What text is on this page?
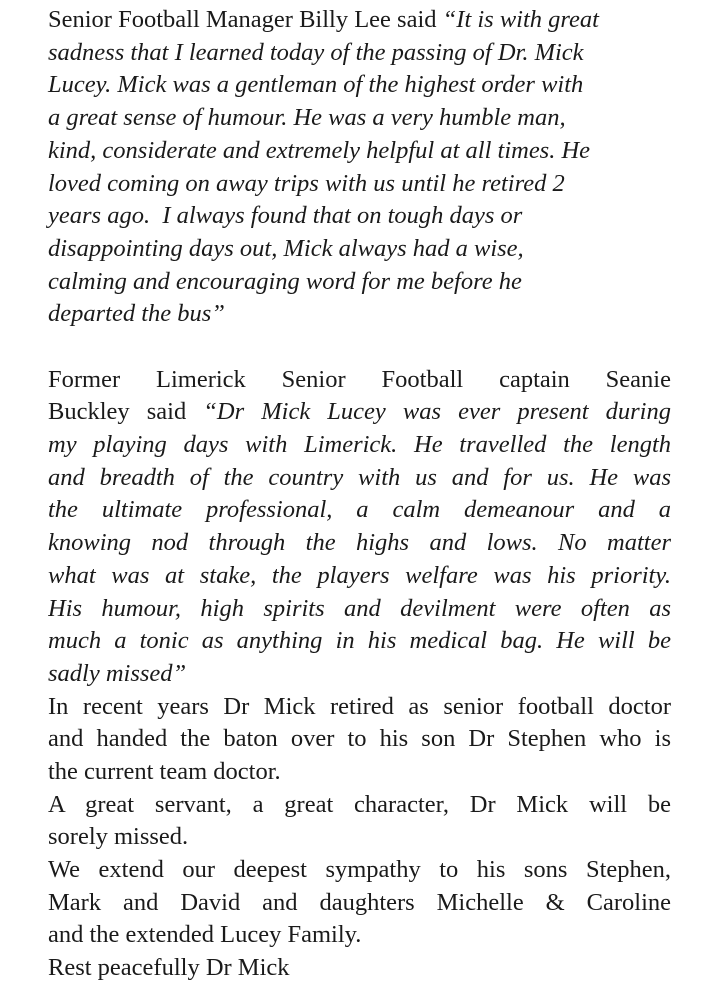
Senior Football Manager Billy Lee said “It is with great
sadness that I learned today of the passing of Dr. Mick
Lucey. Mick was a gentleman of the highest order with
a great sense of humour. He was a very humble man,
kind, considerate and extremely helpful at all times. He
loved coming on away trips with us until he retired 2
years ago.  I always found that on tough days or
disappointing days out, Mick always had a wise,
calming and encouraging word for me before he
departed the bus”
Former Limerick Senior Football captain Seanie
Buckley said “Dr Mick Lucey was ever present during
my playing days with Limerick. He travelled the length
and breadth of the country with us and for us. He was
the ultimate professional, a calm demeanour and a
knowing nod through the highs and lows. No matter
what was at stake, the players welfare was his priority.
His humour, high spirits and devilment were often as
much a tonic as anything in his medical bag. He will be
sadly missed”
In recent years Dr Mick retired as senior football doctor
and handed the baton over to his son Dr Stephen who is
the current team doctor.
A great servant, a great character, Dr Mick will be
sorely missed.
We extend our deepest sympathy to his sons Stephen,
Mark and David and daughters Michelle & Caroline
and the extended Lucey Family.
Rest peacefully Dr Mick
